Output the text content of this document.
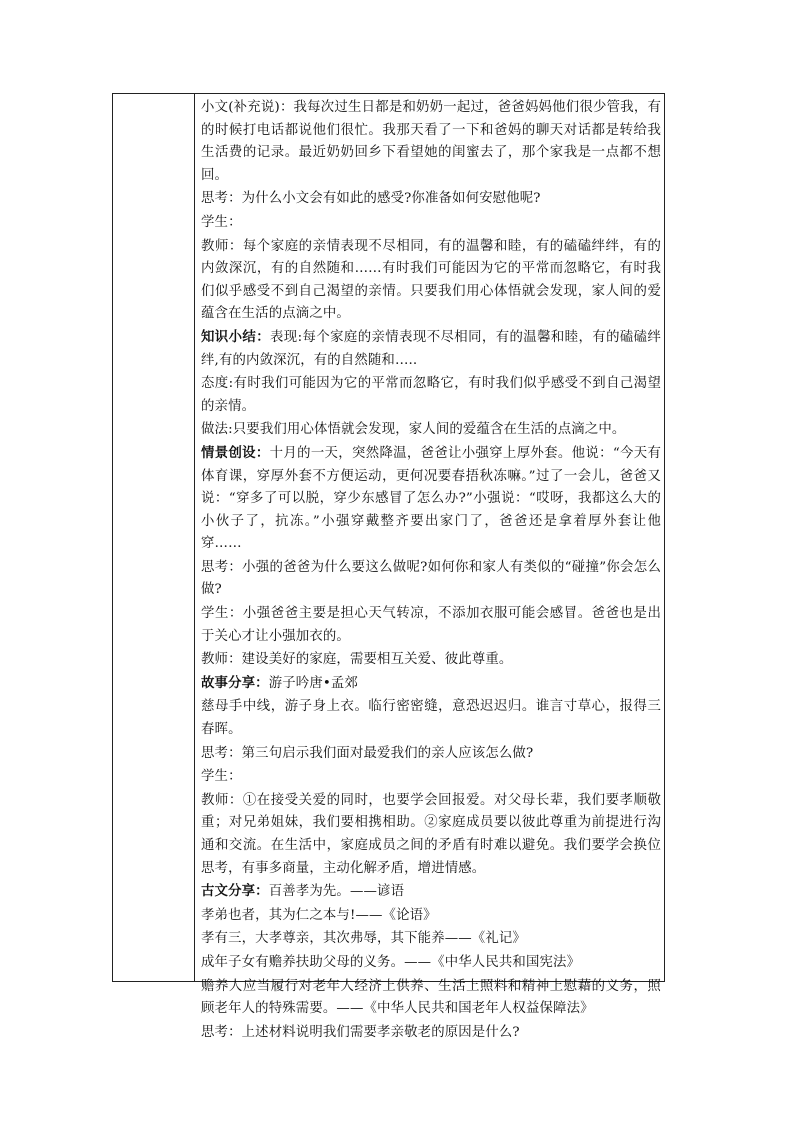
小文(补充说)：我每次过生日都是和奶奶一起过，爸爸妈妈他们很少管我，有的时候打电话都说他们很忙。我那天看了一下和爸妈的聊天对话都是转给我生活费的记录。最近奶奶回乡下看望她的闺蜜去了，那个家我是一点都不想回。

思考：为什么小文会有如此的感受?你准备如何安慰他呢?

学生：

教师：每个家庭的亲情表现不尽相同，有的温馨和睦，有的磕磕绊绊，有的内敛深沉，有的自然随和……有时我们可能因为它的平常而忽略它，有时我们似乎感受不到自己渴望的亲情。只要我们用心体悟就会发现，家人间的爱蕴含在生活的点滴之中。

知识小结：表现:每个家庭的亲情表现不尽相同，有的温馨和睦，有的磕磕绊绊,有的内敛深沉，有的自然随和…..

态度:有时我们可能因为它的平常而忽略它，有时我们似乎感受不到自己渴望的亲情。

做法:只要我们用心体悟就会发现，家人间的爱蕴含在生活的点滴之中。

情景创设：十月的一天，突然降温，爸爸让小强穿上厚外套。他说：“今天有体育课，穿厚外套不方便运动，更何况要春捂秋冻嘛。”过了一会儿，爸爸又说：“穿多了可以脱，穿少东感冒了怎么办?”小强说：“哎呀，我都这么大的小伙子了，抗冻。”小强穿戴整齐要出家门了，爸爸还是拿着厚外套让他穿……

思考：小强的爸爸为什么要这么做呢?如何你和家人有类似的“碰撞”你会怎么做?

学生：小强爸爸主要是担心天气转凉，不添加衣服可能会感冒。爸爸也是出于关心才让小强加衣的。

教师：建设美好的家庭，需要相互关爱、彼此尊重。

故事分享：游子吟唐•孟郊

慈母手中线，游子身上衣。临行密密缝，意恐迟迟归。谁言寸草心，报得三春晖。

思考：第三句启示我们面对最爱我们的亲人应该怎么做?

学生：

教师：①在接受关爱的同时，也要学会回报爱。对父母长辈，我们要孝顺敬重；对兄弟姐妹，我们要相携相助。②家庭成员要以彼此尊重为前提进行沟通和交流。在生活中，家庭成员之间的矛盾有时难以避免。我们要学会换位思考，有事多商量，主动化解矛盾，增进情感。

古文分享：百善孝为先。——谚语

孝弟也者，其为仁之本与!——《论语》

孝有三，大孝尊亲，其次弗辱，其下能养——《礼记》

成年子女有赡养扶助父母的义务。——《中华人民共和国宪法》

赡养人应当履行对老年人经济上供养、生活上照料和精神上慰藉的义务，照顾老年人的特殊需要。——《中华人民共和国老年人权益保障法》

思考：上述材料说明我们需要孝亲敬老的原因是什么?
